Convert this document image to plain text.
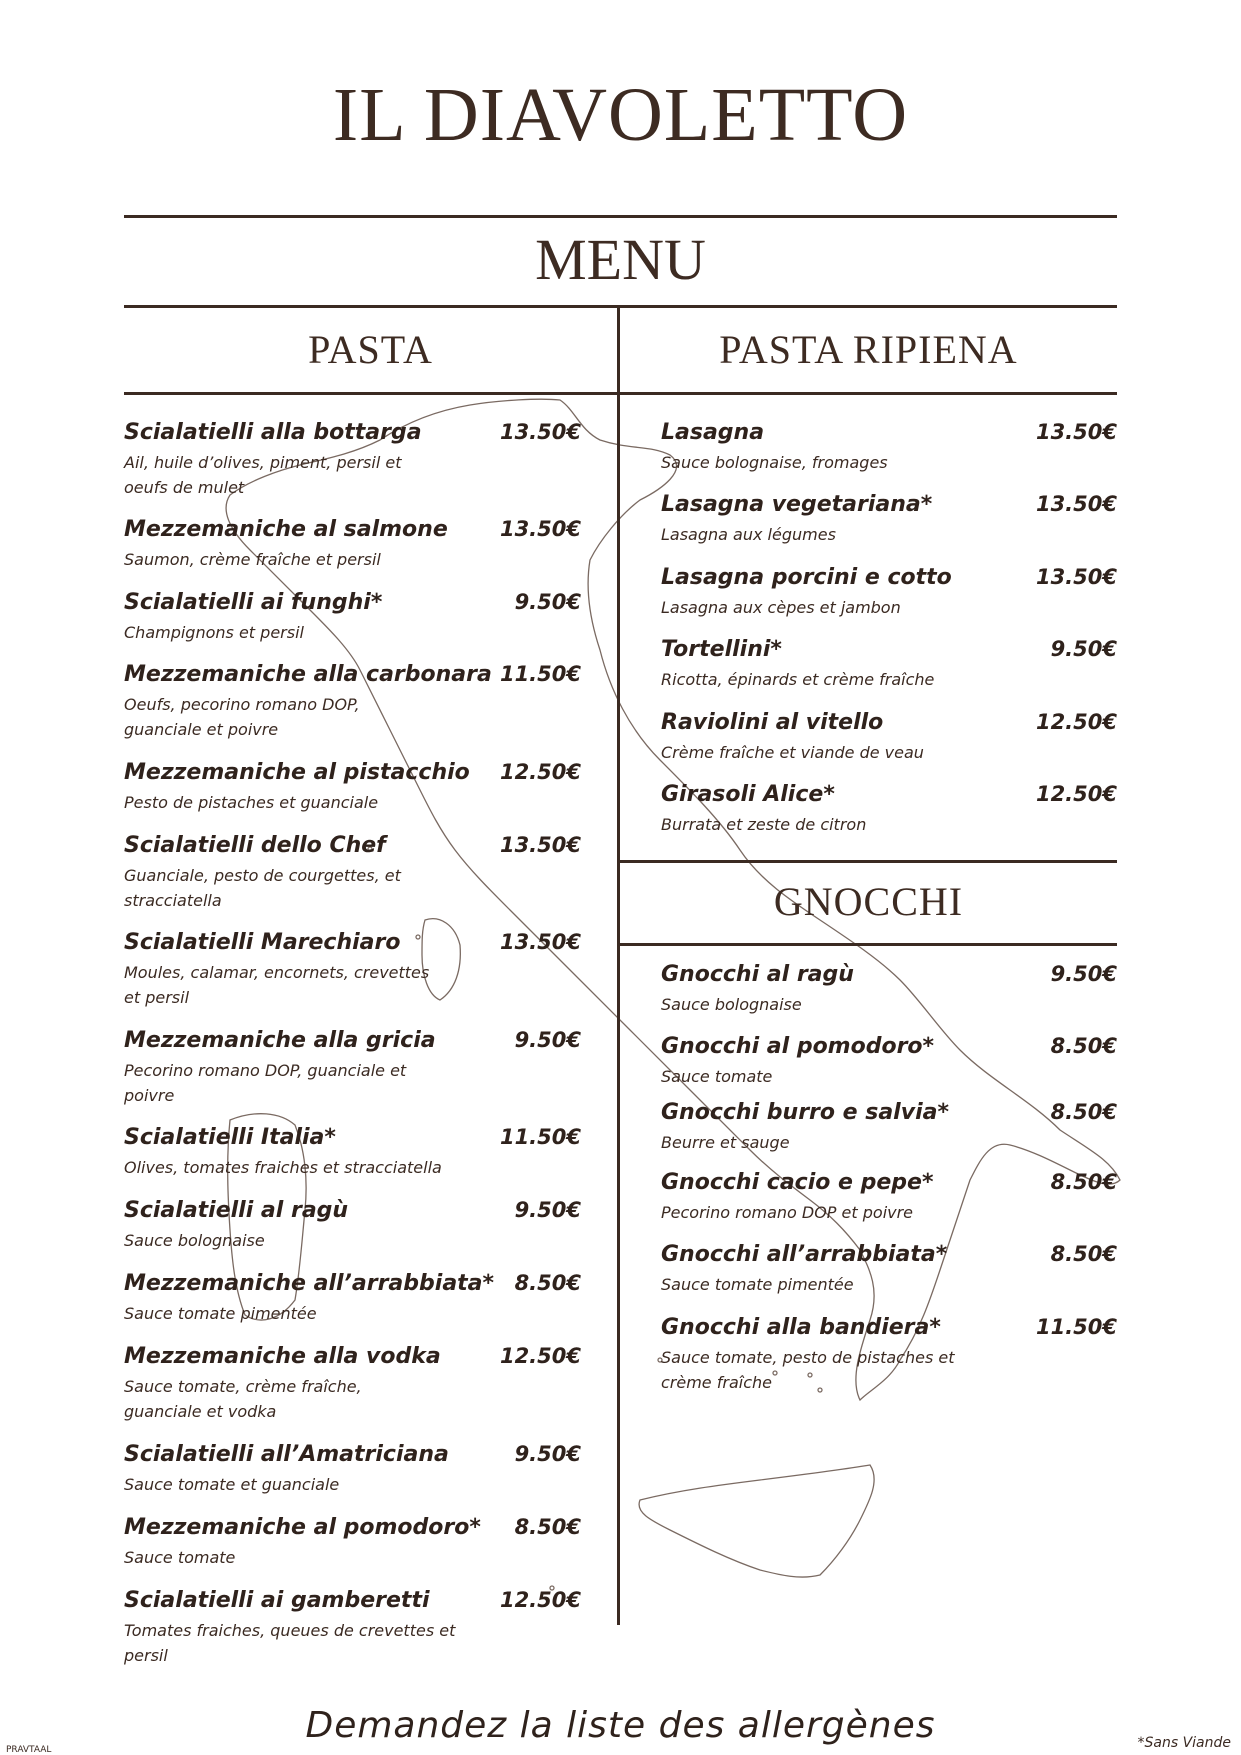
IL DIAVOLETTO
MENU
PASTA	PASTA RIPIENA
Scialatielli alla bottarga	13.50€
Ail, huile d’olives, piment, persil et oeufs de mulet
Mezzemaniche al salmone 13.50€
Saumon, crème fraîche et persil
Scialatielli ai funghi*	9.50€
Champignons et persil
Mezzemaniche alla carbonara 11.50€
Oeufs, pecorino romano DOP, guanciale et poivre
Mezzemaniche al pistacchio 12.50€
Pesto de pistaches et guanciale
Scialatielli dello Chef	13.50€
Guanciale, pesto de courgettes, et stracciatella
Scialatielli Marechiaro	13.50€
Moules, calamar, encornets, crevettes et persil
Mezzemaniche alla gricia	9.50€
Pecorino romano DOP, guanciale et poivre
Scialatielli Italia*	11.50€
Olives, tomates fraiches et stracciatella
Scialatielli al ragù	9.50€
Sauce bolognaise
Mezzemaniche all’arrabbiata* 8.50€
Sauce tomate pimentée
Mezzemaniche alla vodka	12.50€
Sauce tomate, crème fraîche, guanciale et vodka
Scialatielli all’Amatriciana	9.50€
Sauce tomate et guanciale
Mezzemaniche al pomodoro* 8.50€
Sauce tomate
Scialatielli ai gamberetti	12.50€
Tomates fraiches, queues de crevettes et persil
Lasagna	13.50€
Sauce bolognaise, fromages
Lasagna vegetariana*	13.50€
Lasagna aux légumes
Lasagna porcini e cotto	13.50€
Lasagna aux cèpes et jambon
Tortellini*	9.50€
Ricotta, épinards et crème fraîche
Raviolini al vitello	12.50€
Crème fraîche et viande de veau
Girasoli Alice*	12.50€
Burrata et zeste de citron
GNOCCHI
Gnocchi al ragù	9.50€
Sauce bolognaise
Gnocchi al pomodoro*	8.50€
Sauce tomate
Gnocchi burro e salvia*	8.50€
Beurre et sauge
Gnocchi cacio e pepe*	8.50€
Pecorino romano DOP et poivre
Gnocchi all’arrabbiata*	8.50€
Sauce tomate pimentée
Gnocchi alla bandiera*	11.50€
Sauce tomate, pesto de pistaches et crème fraîche
Demandez la liste des allergènes
PRAVTAAL	*Sans Viande
